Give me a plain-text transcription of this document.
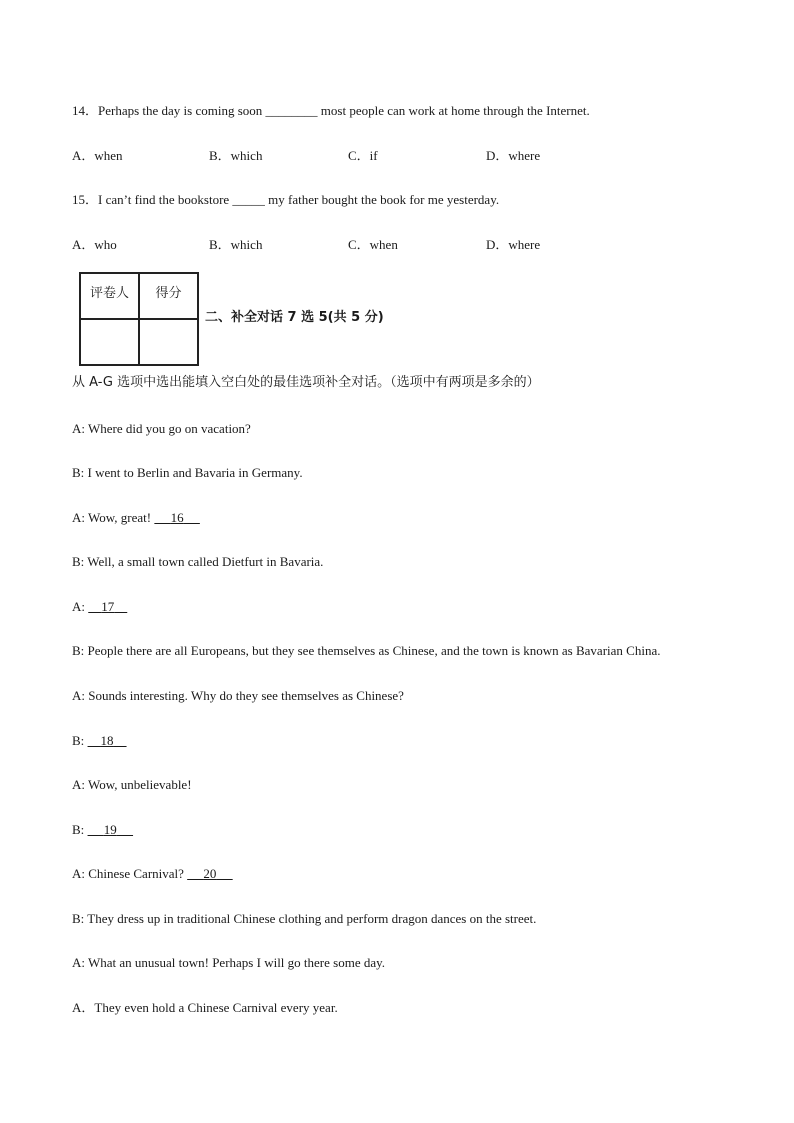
14．Perhaps the day is coming soon ________ most people can work at home through the Internet.
A．when	B．which	C．if	D．where
15．I can’t find the bookstore _____ my father bought the book for me yesterday.
A．who	B．which	C．when	D．where
评卷人	得分

二、补全对话 7 选 5(共 5 分)
从 A-G 选项中选出能填入空白处的最佳选项补全对话。（选项中有两项是多余的）
A: Where did you go on vacation?
B: I went to Berlin and Bavaria in Germany.
A: Wow, great!      16
B: Well, a small town called Dietfurt in Bavaria.
A:     17
B: People there are all Europeans, but they see themselves as Chinese, and the town is known as Bavarian China.
A: Sounds interesting. Why do they see themselves as Chinese?
B:     18
A: Wow, unbelievable!
B:      19
A: Chinese Carnival?      20
B: They dress up in traditional Chinese clothing and perform dragon dances on the street.
A: What an unusual town! Perhaps I will go there some day.
A．They even hold a Chinese Carnival every year.
